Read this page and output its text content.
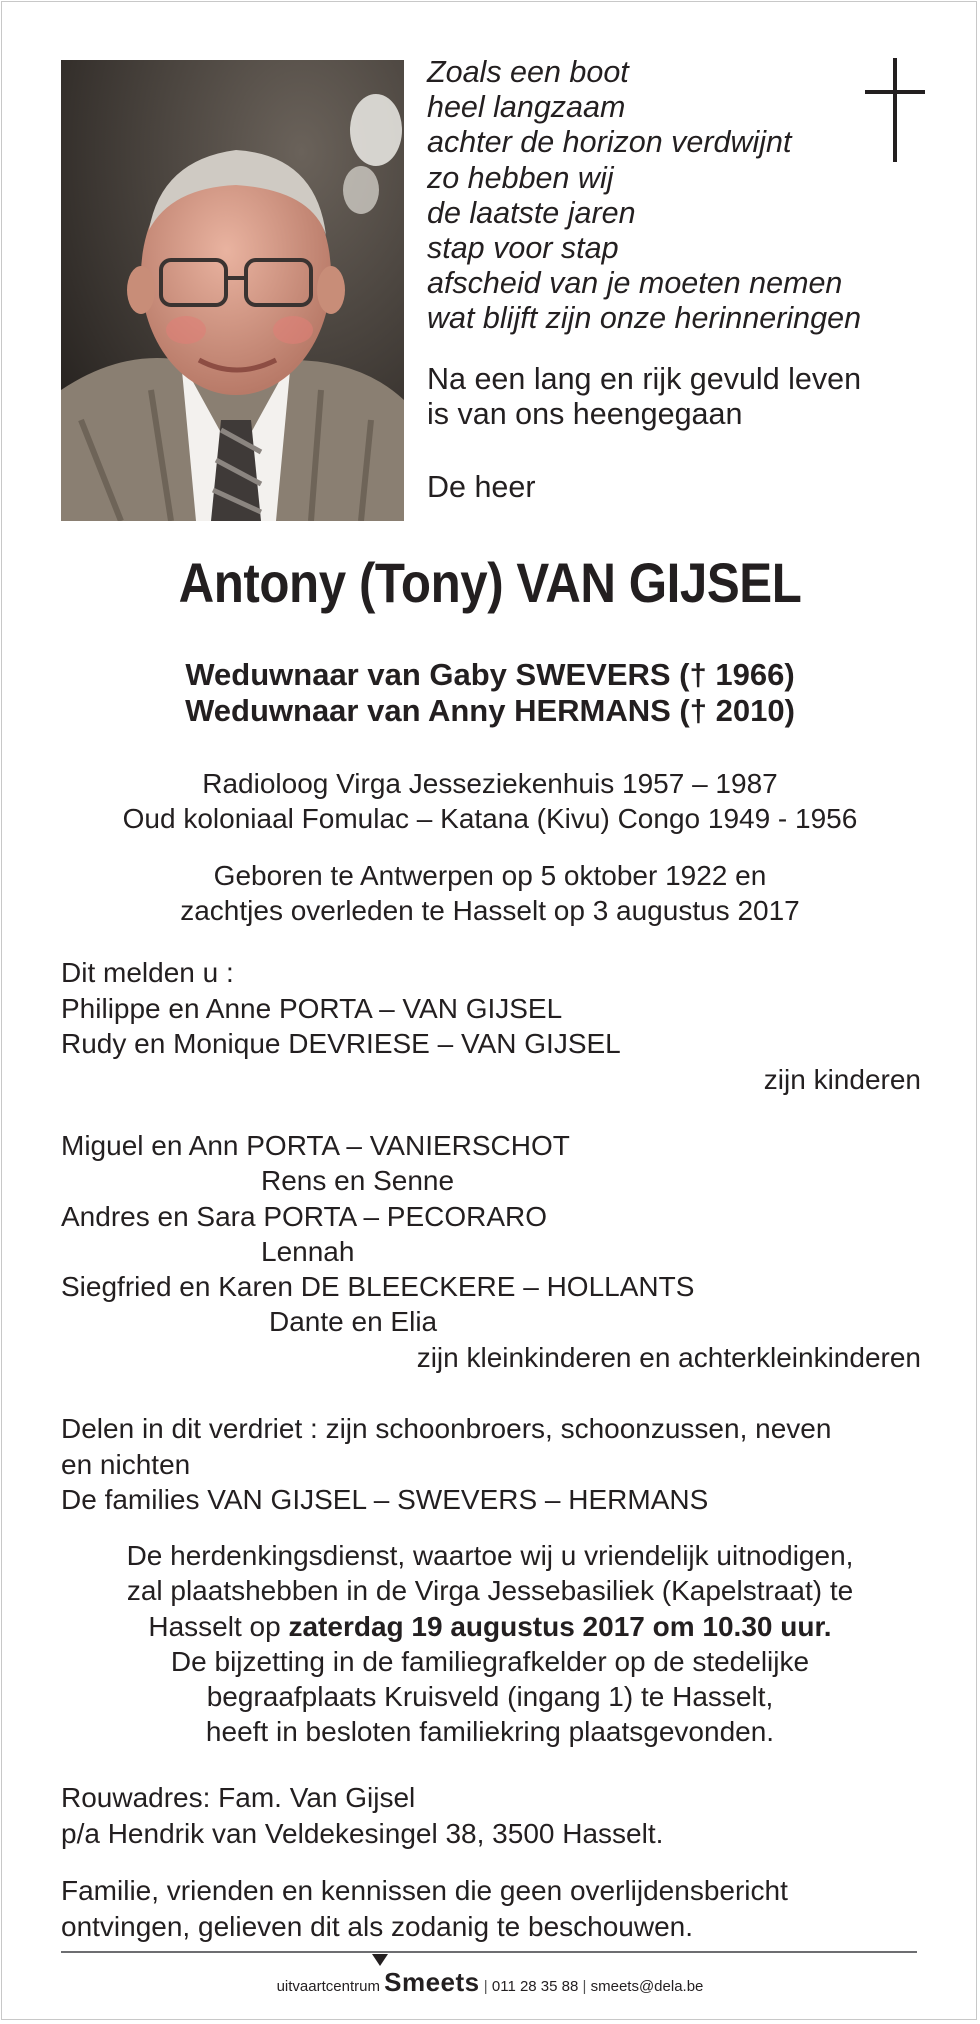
Zoals een boot
heel langzaam
achter de horizon verdwijnt
zo hebben wij
de laatste jaren
stap voor stap
afscheid van je moeten nemen
wat blijft zijn onze herinneringen
Na een lang en rijk gevuld leven
is van ons heengegaan
De heer
Antony (Tony) VAN GIJSEL
Weduwnaar van Gaby SWEVERS († 1966)
Weduwnaar van Anny HERMANS († 2010)
Radioloog Virga Jesseziekenhuis 1957 – 1987
Oud koloniaal Fomulac – Katana (Kivu) Congo 1949 - 1956
Geboren te Antwerpen op 5 oktober 1922 en
zachtjes overleden te Hasselt op 3 augustus 2017
Dit melden u :
Philippe en Anne PORTA – VAN GIJSEL
Rudy en Monique DEVRIESE – VAN GIJSEL
zijn kinderen
Miguel en Ann PORTA – VANIERSCHOT
Rens en Senne
Andres en Sara PORTA – PECORARO
Lennah
Siegfried en Karen DE BLEECKERE – HOLLANTS
Dante en Elia
zijn kleinkinderen en achterkleinkinderen
Delen in dit verdriet : zijn schoonbroers, schoonzussen, neven
en nichten
De families VAN GIJSEL – SWEVERS – HERMANS
De herdenkingsdienst, waartoe wij u vriendelijk uitnodigen,
zal plaatshebben in de Virga Jessebasiliek (Kapelstraat) te
Hasselt op zaterdag 19 augustus 2017 om 10.30 uur.
De bijzetting in de familiegrafkelder op de stedelijke
begraafplaats Kruisveld (ingang 1) te Hasselt,
heeft in besloten familiekring plaatsgevonden.
Rouwadres: Fam. Van Gijsel
p/a Hendrik van Veldekesingel 38, 3500 Hasselt.
Familie, vrienden en kennissen die geen overlijdensbericht
ontvingen, gelieven dit als zodanig te beschouwen.
uitvaartcentrum Smeets | 011 28 35 88 | smeets@dela.be
